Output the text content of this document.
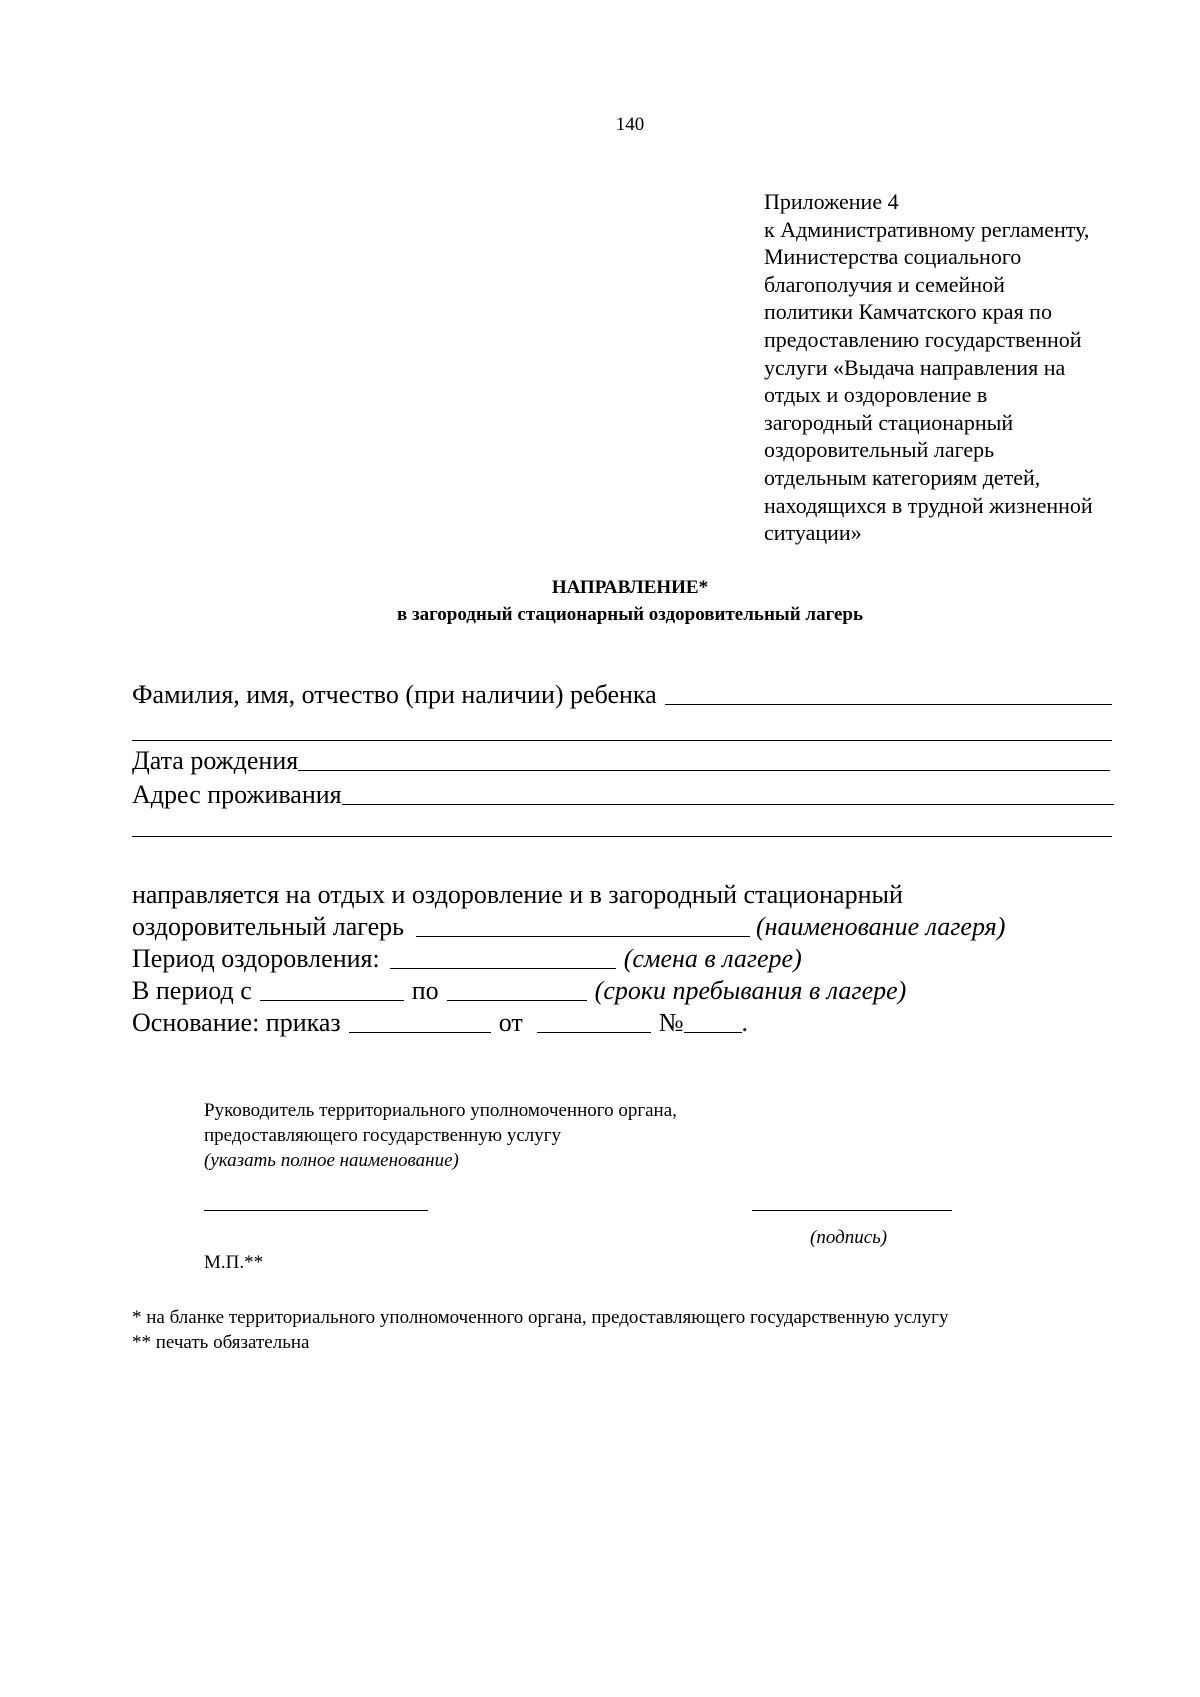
140
Приложение 4
к Административному регламенту,
Министерства социального
благополучия и семейной
политики Камчатского края по
предоставлению государственной
услуги «Выдача направления на
отдых и оздоровление в
загородный стационарный
оздоровительный лагерь
отдельным категориям детей,
находящихся в трудной жизненной
ситуации»
НАПРАВЛЕНИЕ*
в загородный стационарный оздоровительный лагерь
Фамилия, имя, отчество (при наличии) ребенка
Дата рождения
Адрес проживания
направляется на отдых и оздоровление и в загородный стационарный
оздоровительный лагерь	(наименование лагеря)
Период оздоровления:	(смена в лагере)
В период с	по	(сроки пребывания в лагере)
Основание: приказ	от	№ .
Руководитель территориального уполномоченного органа,
предоставляющего государственную услугу
(указать полное наименование)
(подпись)
М.П.**
* на бланке территориального уполномоченного органа, предоставляющего государственную услугу
** печать обязательна
